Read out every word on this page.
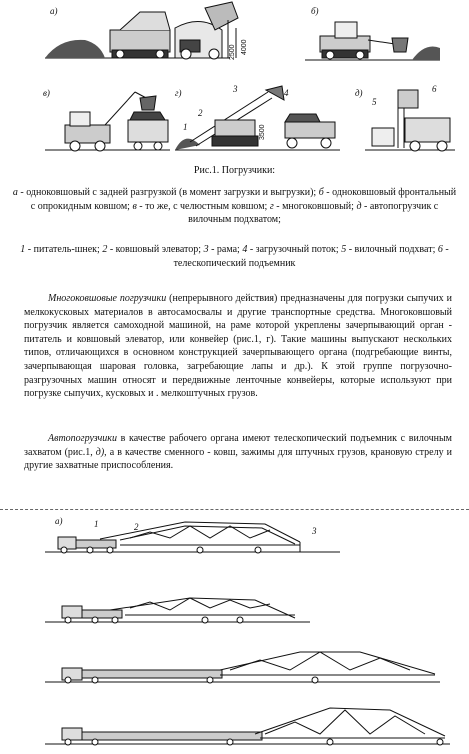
а)	б)
в)	г)	д)
1
2
3	4
5
6
4000
2500
3500
Рис.1. Погрузчики:
а - одноковшовый с задней разгрузкой (в момент загрузки и выгрузки); б - одноковшовый фронтальный с опрокидным ковшом; в - то же, с челюстным ковшом; г - многоковшовый; д - автопогрузчик с вилочным подхватом;
1 - питатель-шнек; 2 - ковшовый элеватор; 3 - рама; 4 - загрузочный поток; 5 - вилочный подхват; 6 - телескопический подъемник
Многоковшовые погрузчики (непрерывного действия) предназначены для погрузки сыпучих и мелкокусковых материалов в автосамосвалы и другие транспортные средства. Многоковшовый погрузчик является самоходной машиной, на раме которой укреплены зачерпывающий орган - питатель и ковшовый элеватор, или конвейер (рис.1, г). Такие машины выпускают нескольких типов, отличающихся в основном конструкцией зачерпывающего органа (подгребающие винты, зачерпывающая шаровая головка, загребающие лапы и др.). К этой группе погрузочно-разгрузочных машин относят и передвижные ленточные конвейеры, которые используют при погрузке сыпучих, кусковых и . мелкоштучных грузов.
Автопогрузчики в качестве рабочего органа имеют телескопический подъемник с вилочным захватом (рис.1, д), а в качестве сменного - ковш, зажимы для штучных грузов, крановую стрелу и другие захватные приспособления.
а)	1	2	3
